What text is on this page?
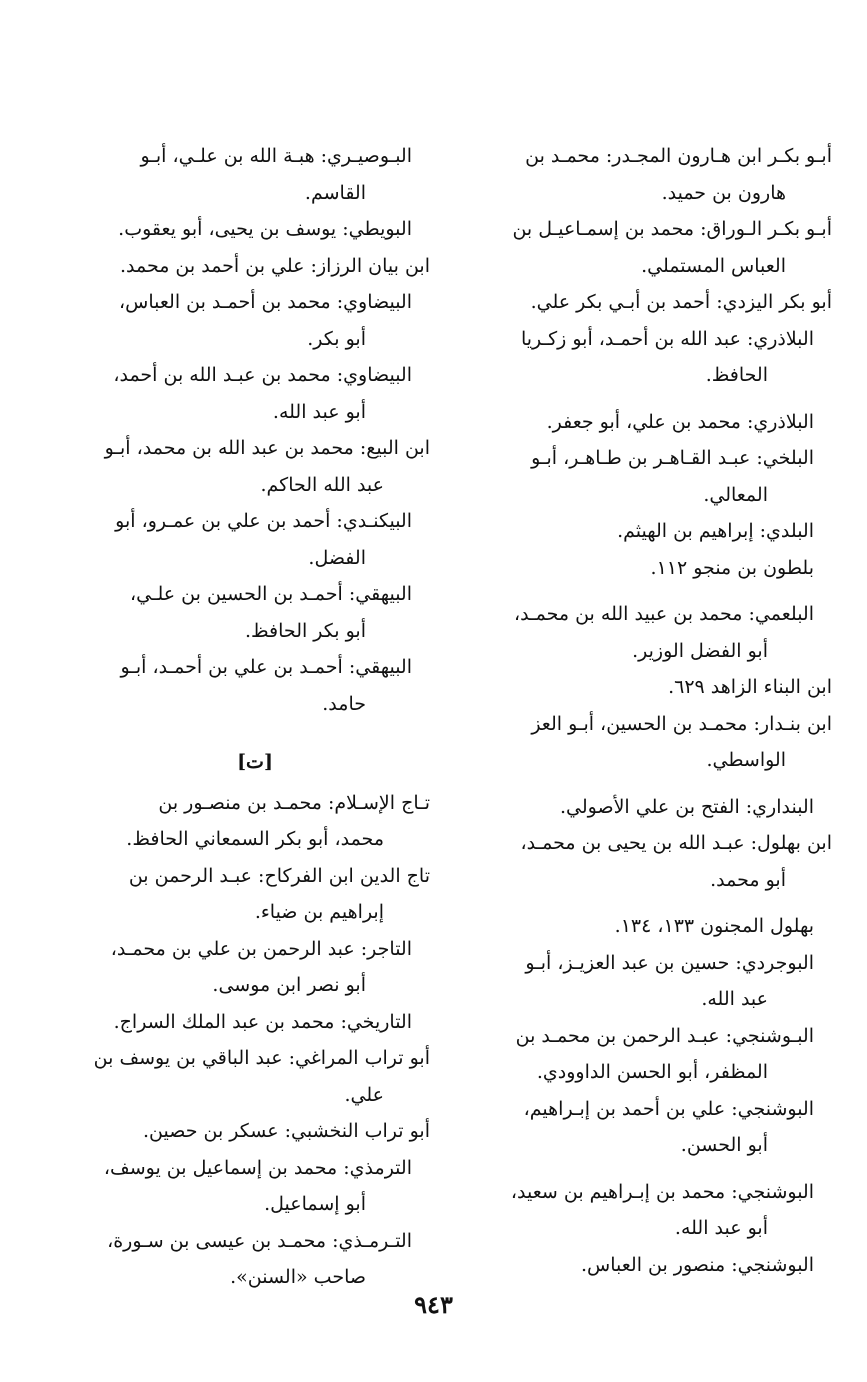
أبـو بكـر ابن هـارون المجـدر: محمـد بن
هارون بن حميد.
أبـو بكـر الـوراق: محمد بن إسمـاعيـل بن
العباس المستملي.
أبو بكر اليزدي: أحمد بن أبـي بكر علي.
البلاذري: عبد الله بن أحمـد، أبو زكـريا
الحافظ.
البلاذري: محمد بن علي، أبو جعفر.
البلخي: عبـد القـاهـر بن طـاهـر، أبـو
المعالي.
البلدي: إبراهيم بن الهيثم.
بلطون بن منجو ١١٢.
البلعمي: محمد بن عبيد الله بن محمـد،
أبو الفضل الوزير.
ابن البناء الزاهد ٦٢٩.
ابن بنـدار: محمـد بن الحسين، أبـو العز
الواسطي.
البنداري: الفتح بن علي الأصولي.
ابن بهلول: عبـد الله بن يحيى بن محمـد،
أبو محمد.
بهلول المجنون ١٣٣، ١٣٤.
البوجردي: حسين بن عبد العزيـز، أبـو
عبد الله.
البـوشنجي: عبـد الرحمن بن محمـد بن
المظفر، أبو الحسن الداوودي.
البوشنجي: علي بن أحمد بن إبـراهيم،
أبو الحسن.
البوشنجي: محمد بن إبـراهيم بن سعيد،
أبو عبد الله.
البوشنجي: منصور بن العباس.
البـوصيـري: هبـة الله بن علـي، أبـو
القاسم.
البويطي: يوسف بن يحيى، أبو يعقوب.
ابن بيان الرزاز: علي بن أحمد بن محمد.
البيضاوي: محمد بن أحمـد بن العباس،
أبو بكر.
البيضاوي: محمد بن عبـد الله بن أحمد،
أبو عبد الله.
ابن البيع: محمد بن عبد الله بن محمد، أبـو
عبد الله الحاكم.
البيكنـدي: أحمد بن علي بن عمـرو، أبو
الفضل.
البيهقي: أحمـد بن الحسين بن علـي،
أبو بكر الحافظ.
البيهقي: أحمـد بن علي بن أحمـد، أبـو
حامد.
[ت]
تـاج الإسـلام: محمـد بن منصـور بن
محمد، أبو بكر السمعاني الحافظ.
تاج الدين ابن الفركاح: عبـد الرحمن بن
إبراهيم بن ضياء.
التاجر: عبد الرحمن بن علي بن محمـد،
أبو نصر ابن موسى.
التاريخي: محمد بن عبد الملك السراج.
أبو تراب المراغي: عبد الباقي بن يوسف بن
علي.
أبو تراب النخشبي: عسكر بن حصين.
الترمذي: محمد بن إسماعيل بن يوسف،
أبو إسماعيل.
التـرمـذي: محمـد بن عيسى بن سـورة،
صاحب «السنن».
٩٤٣
